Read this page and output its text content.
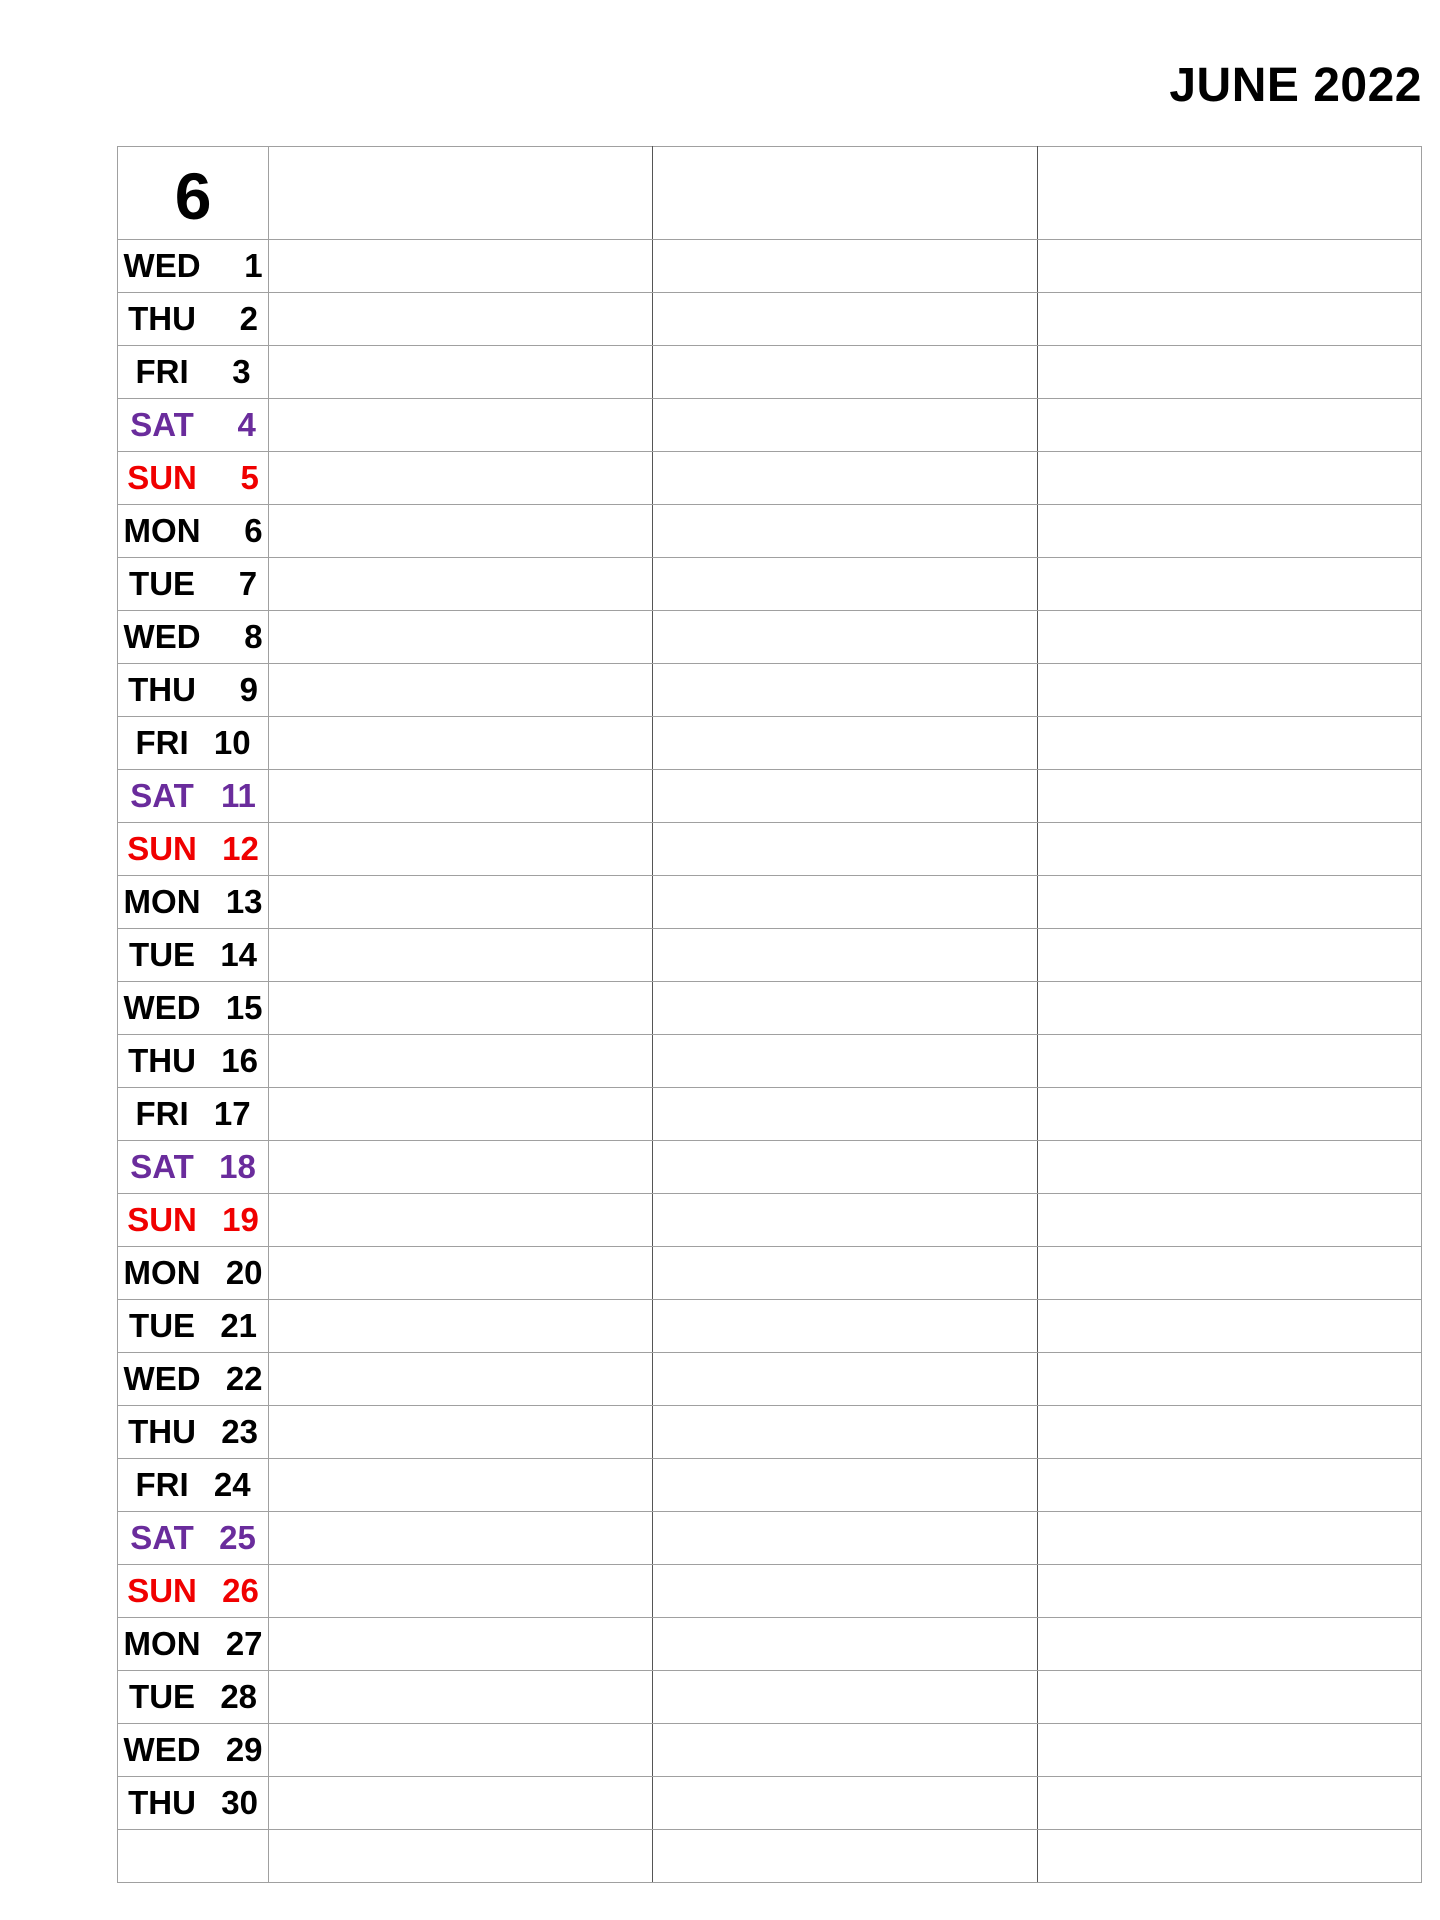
JUNE 2022
6			
WED 1			
THU 2			
FRI 3			
SAT 4			
SUN 5			
MON 6			
TUE 7			
WED 8			
THU 9			
FRI 10			
SAT 11			
SUN 12			
MON 13			
TUE 14			
WED 15			
THU 16			
FRI 17			
SAT 18			
SUN 19			
MON 20			
TUE 21			
WED 22			
THU 23			
FRI 24			
SAT 25			
SUN 26			
MON 27			
TUE 28			
WED 29			
THU 30			
